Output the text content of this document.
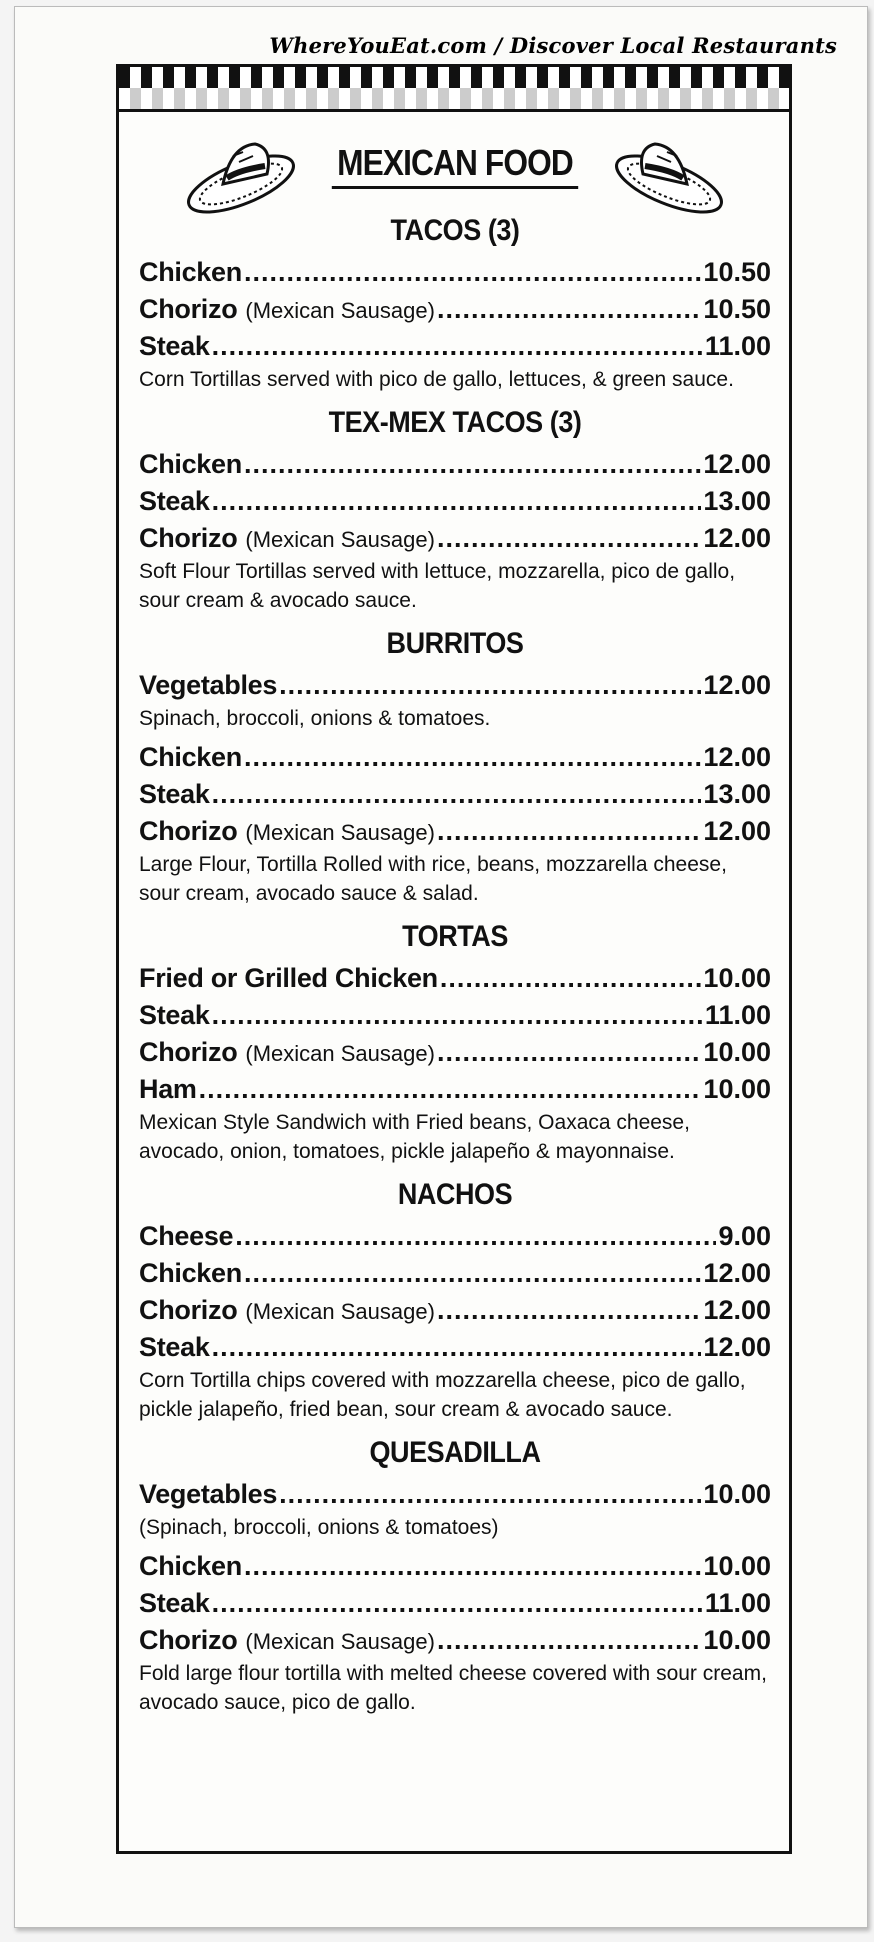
WhereYouEat.com / Discover Local Restaurants
MEXICAN FOOD
TACOS (3)
Chicken .....	10.50
Chorizo (Mexican Sausage) .....	10.50
Steak .....	11.00
Corn Tortillas served with pico de gallo, lettuces, & green sauce.
TEX-MEX TACOS (3)
Chicken .....	12.00
Steak .....	13.00
Chorizo (Mexican Sausage) .....	12.00
Soft Flour Tortillas served with lettuce, mozzarella, pico de gallo, sour cream & avocado sauce.
BURRITOS
Vegetables .....	12.00
Spinach, broccoli, onions & tomatoes.
Chicken .....	12.00
Steak .....	13.00
Chorizo (Mexican Sausage) .....	12.00
Large Flour, Tortilla Rolled with rice, beans, mozzarella cheese, sour cream, avocado sauce & salad.
TORTAS
Fried or Grilled Chicken .....	10.00
Steak .....	11.00
Chorizo (Mexican Sausage) .....	10.00
Ham .....	10.00
Mexican Style Sandwich with Fried beans, Oaxaca cheese, avocado, onion, tomatoes, pickle jalapeño & mayonnaise.
NACHOS
Cheese .....	9.00
Chicken .....	12.00
Chorizo (Mexican Sausage) .....	12.00
Steak .....	12.00
Corn Tortilla chips covered with mozzarella cheese, pico de gallo, pickle jalapeño, fried bean, sour cream & avocado sauce.
QUESADILLA
Vegetables .....	10.00
(Spinach, broccoli, onions & tomatoes)
Chicken .....	10.00
Steak .....	11.00
Chorizo (Mexican Sausage) .....	10.00
Fold large flour tortilla with melted cheese covered with sour cream, avocado sauce, pico de gallo.
